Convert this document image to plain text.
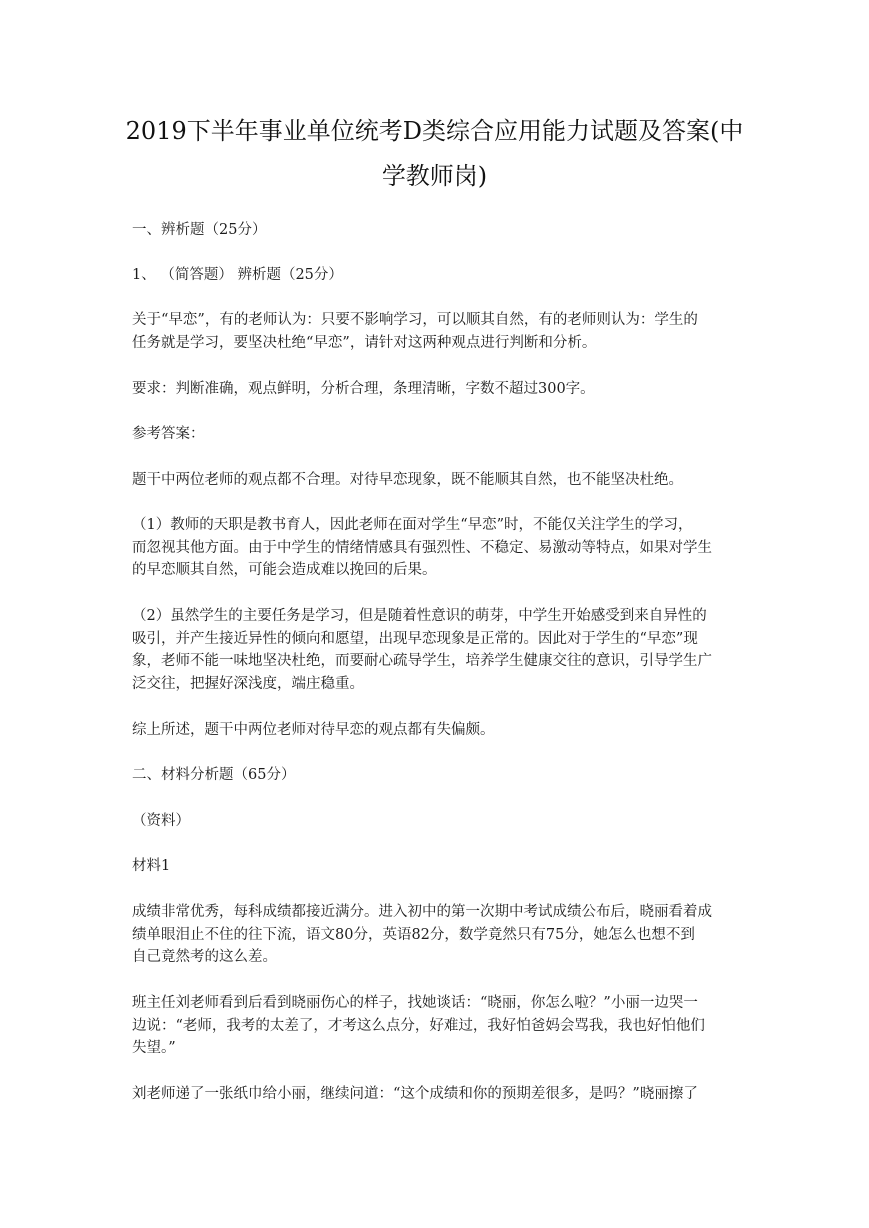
2019下半年事业单位统考D类综合应用能力试题及答案(中
学教师岗)
一、辨析题（25分）
1、 （简答题） 辨析题（25分）
关于“早恋”，有的老师认为：只要不影响学习，可以顺其自然，有的老师则认为：学生的
任务就是学习，要坚决杜绝“早恋”，请针对这两种观点进行判断和分析。
要求：判断准确，观点鲜明，分析合理，条理清晰，字数不超过300字。
参考答案：
题干中两位老师的观点都不合理。对待早恋现象，既不能顺其自然，也不能坚决杜绝。
（1）教师的天职是教书育人，因此老师在面对学生“早恋”时，不能仅关注学生的学习，
而忽视其他方面。由于中学生的情绪情感具有强烈性、不稳定、易激动等特点，如果对学生
的早恋顺其自然，可能会造成难以挽回的后果。
（2）虽然学生的主要任务是学习，但是随着性意识的萌芽，中学生开始感受到来自异性的
吸引，并产生接近异性的倾向和愿望，出现早恋现象是正常的。因此对于学生的“早恋”现
象，老师不能一味地坚决杜绝，而要耐心疏导学生，培养学生健康交往的意识，引导学生广
泛交往，把握好深浅度，端庄稳重。
综上所述，题干中两位老师对待早恋的观点都有失偏颇。
二、材料分析题（65分）
（资料）
材料1
成绩非常优秀，每科成绩都接近满分。进入初中的第一次期中考试成绩公布后，晓丽看着成
绩单眼泪止不住的往下流，语文80分，英语82分，数学竟然只有75分，她怎么也想不到
自己竟然考的这么差。
班主任刘老师看到后看到晓丽伤心的样子，找她谈话：“晓丽，你怎么啦？”小丽一边哭一
边说：“老师，我考的太差了，才考这么点分，好难过，我好怕爸妈会骂我，我也好怕他们
失望。”
刘老师递了一张纸巾给小丽，继续问道：“这个成绩和你的预期差很多，是吗？”晓丽擦了
